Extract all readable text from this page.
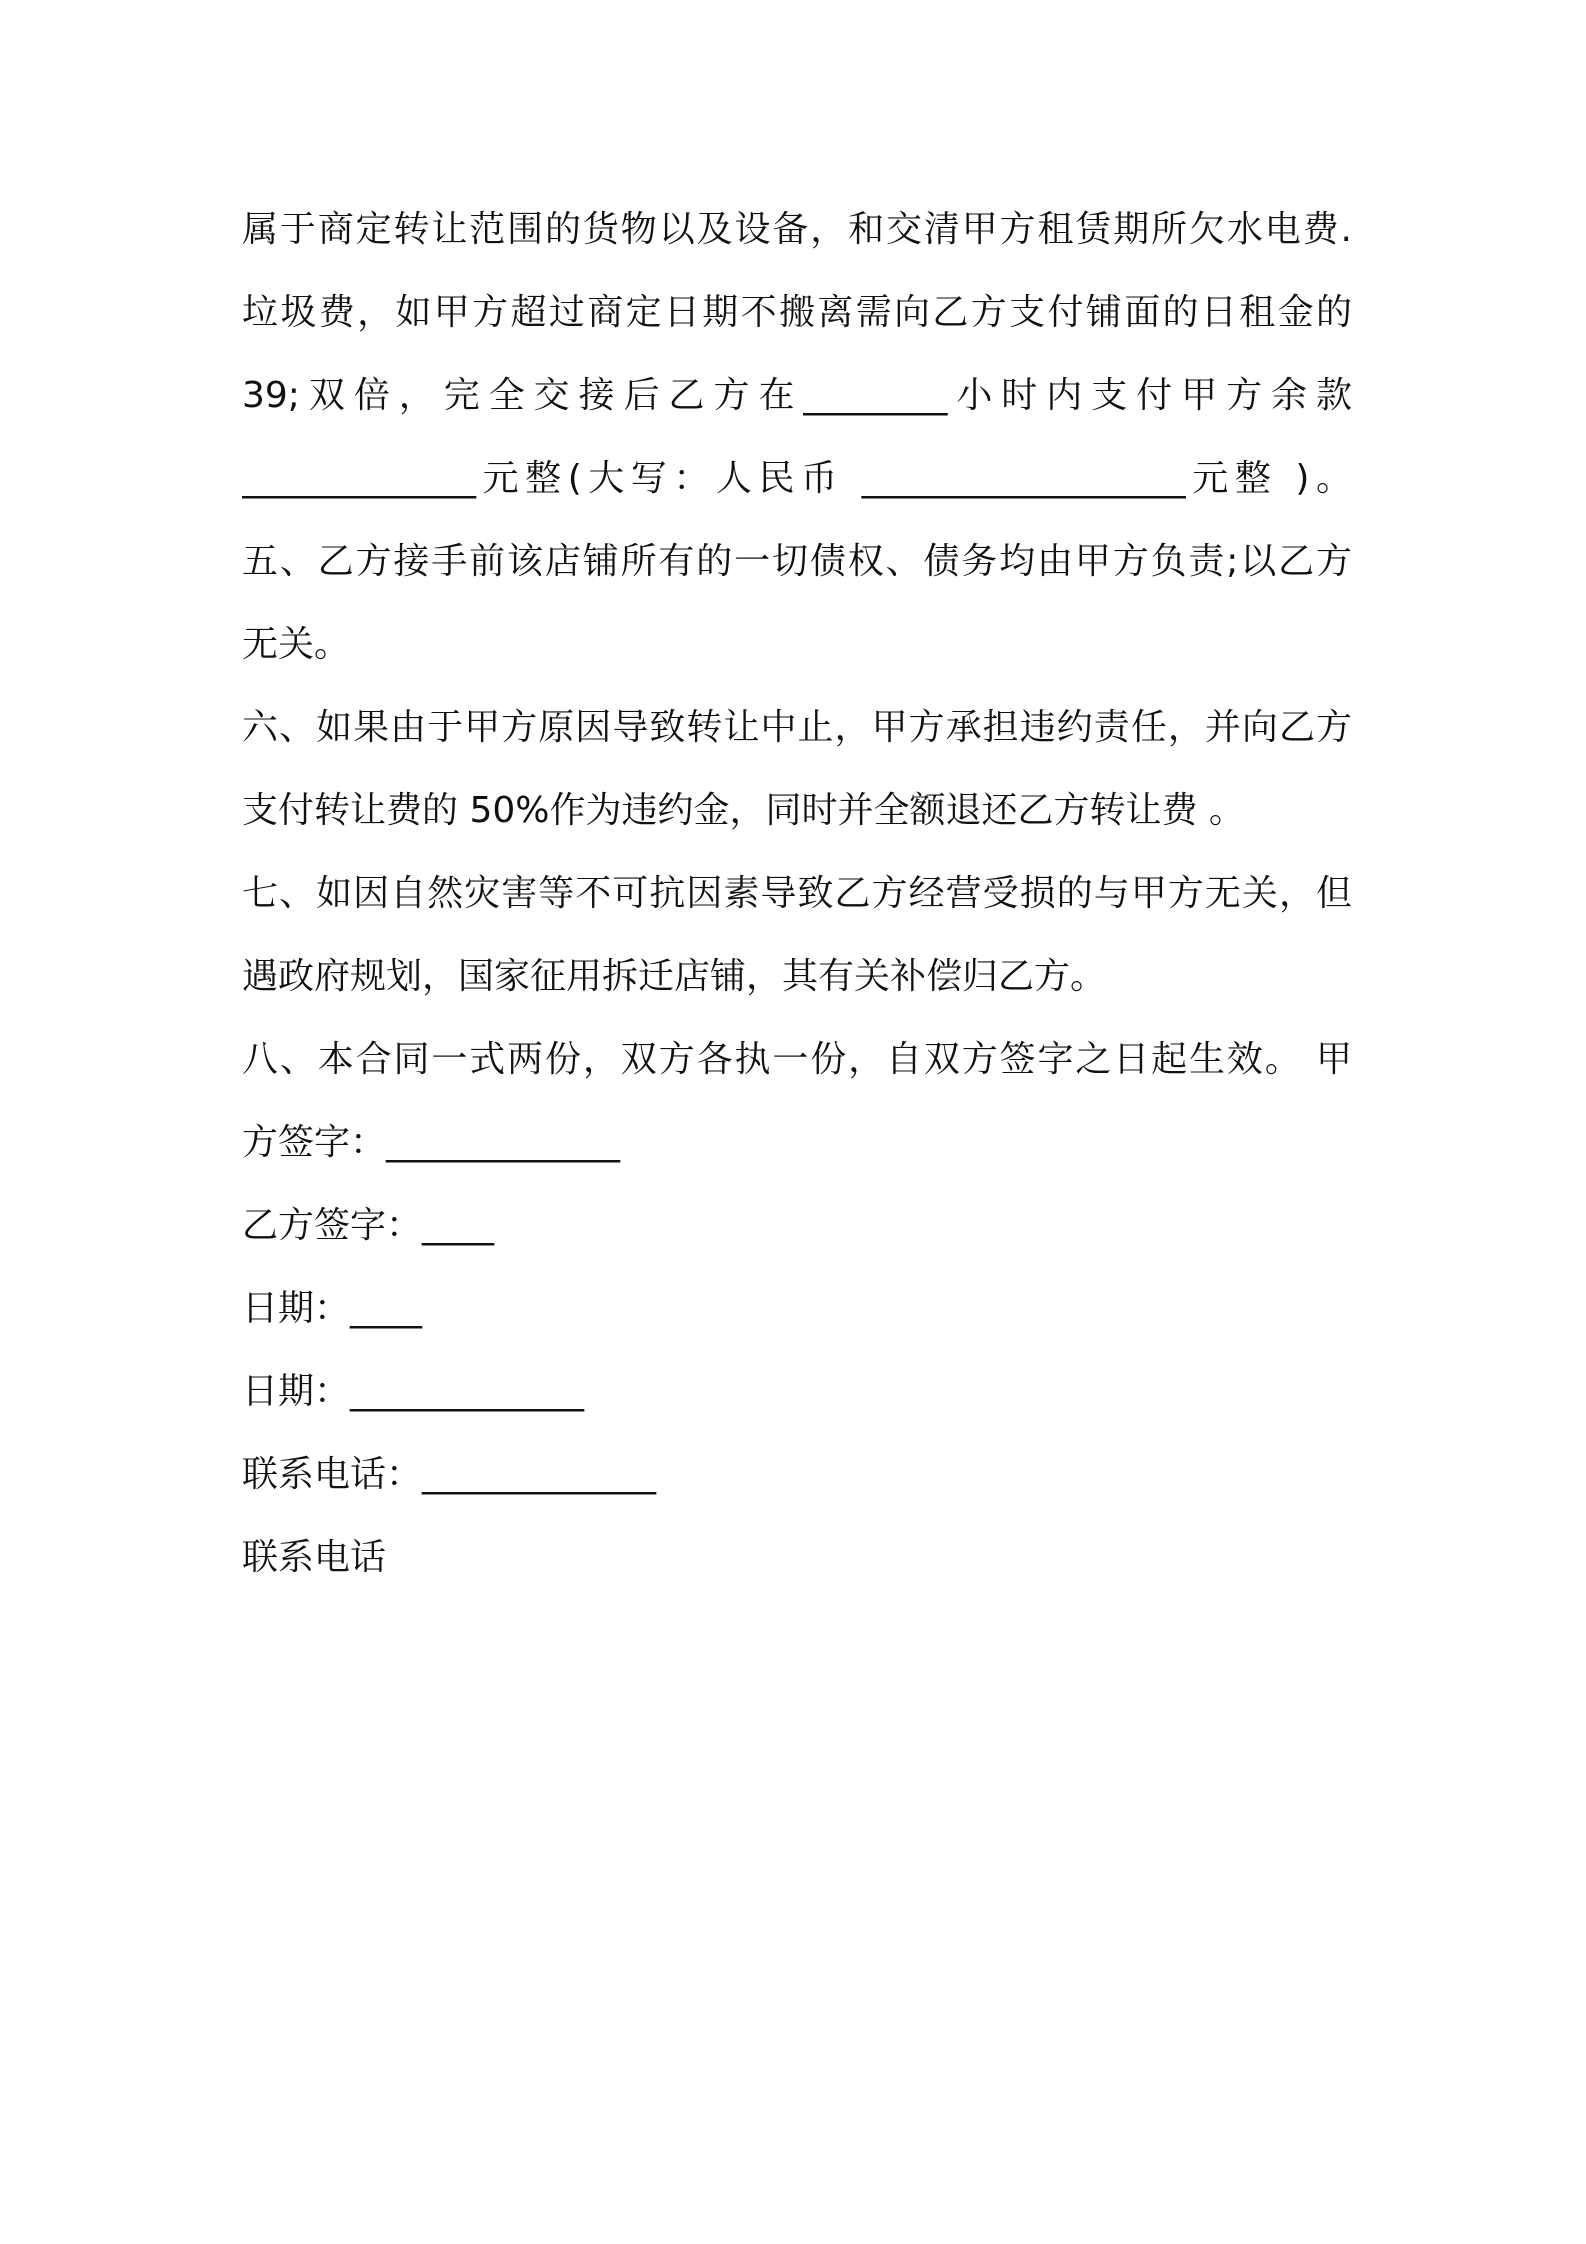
属于商定转让范围的货物以及设备，和交清甲方租赁期所欠水电费.
垃圾费，如甲方超过商定日期不搬离需向乙方支付铺面的日租金的
39;双倍，完全交接后乙方在________小时内支付甲方余款
_____________元整(大写：人民币 __________________元整 )。
五、乙方接手前该店铺所有的一切债权、债务均由甲方负责;以乙方
无关。
六、如果由于甲方原因导致转让中止，甲方承担违约责任，并向乙方
支付转让费的 50%作为违约金，同时并全额退还乙方转让费 。
七、如因自然灾害等不可抗因素导致乙方经营受损的与甲方无关，但
遇政府规划，国家征用拆迁店铺，其有关补偿归乙方。
八、本合同一式两份，双方各执一份，自双方签字之日起生效。 甲
方签字：_____________
乙方签字：____
日期：____
日期：_____________
联系电话：_____________
联系电话
